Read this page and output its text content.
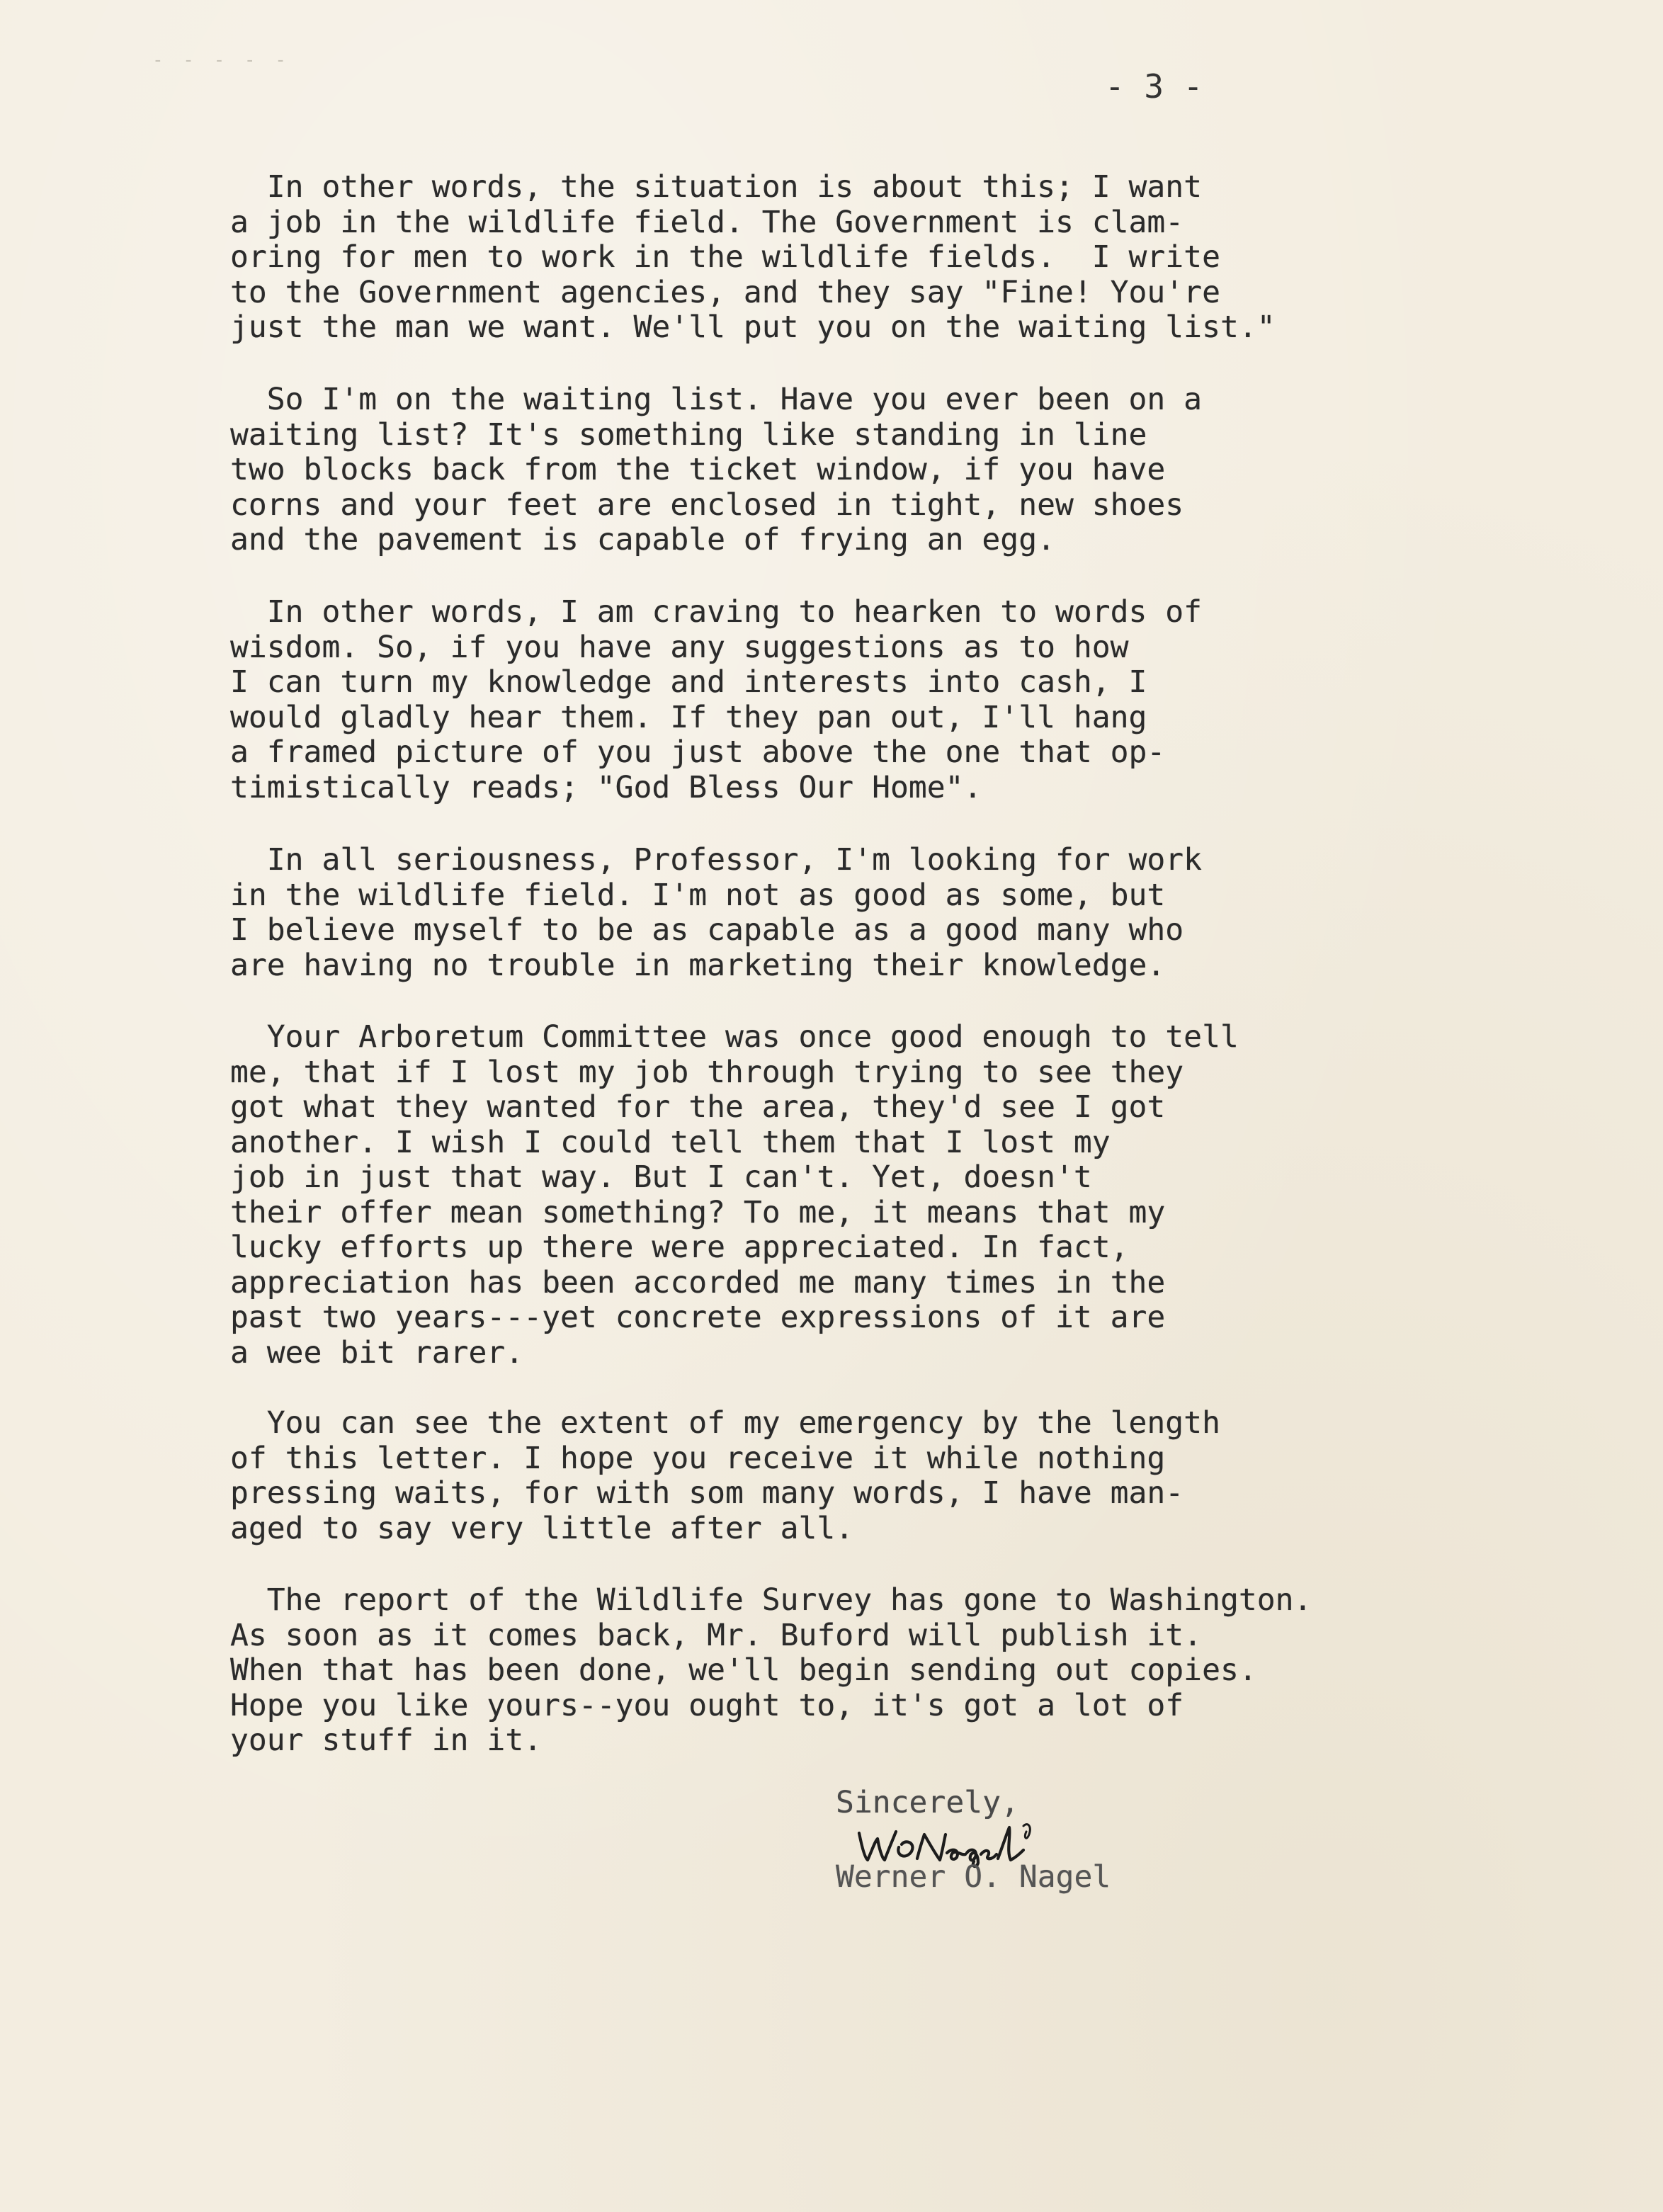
- - - - -
- 3 -
In other words, the situation is about this; I want
a job in the wildlife field. The Government is clam-
oring for men to work in the wildlife fields.  I write
to the Government agencies, and they say "Fine! You're
just the man we want. We'll put you on the waiting list."
So I'm on the waiting list. Have you ever been on a
waiting list? It's something like standing in line
two blocks back from the ticket window, if you have
corns and your feet are enclosed in tight, new shoes
and the pavement is capable of frying an egg.
In other words, I am craving to hearken to words of
wisdom. So, if you have any suggestions as to how
I can turn my knowledge and interests into cash, I
would gladly hear them. If they pan out, I'll hang
a framed picture of you just above the one that op-
timistically reads; "God Bless Our Home".
In all seriousness, Professor, I'm looking for work
in the wildlife field. I'm not as good as some, but
I believe myself to be as capable as a good many who
are having no trouble in marketing their knowledge.
Your Arboretum Committee was once good enough to tell
me, that if I lost my job through trying to see they
got what they wanted for the area, they'd see I got
another. I wish I could tell them that I lost my
job in just that way. But I can't. Yet, doesn't
their offer mean something? To me, it means that my
lucky efforts up there were appreciated. In fact,
appreciation has been accorded me many times in the
past two years---yet concrete expressions of it are
a wee bit rarer.
You can see the extent of my emergency by the length
of this letter. I hope you receive it while nothing
pressing waits, for with som many words, I have man-
aged to say very little after all.
The report of the Wildlife Survey has gone to Washington.
As soon as it comes back, Mr. Buford will publish it.
When that has been done, we'll begin sending out copies.
Hope you like yours--you ought to, it's got a lot of
your stuff in it.
Sincerely,
Werner O. Nagel
